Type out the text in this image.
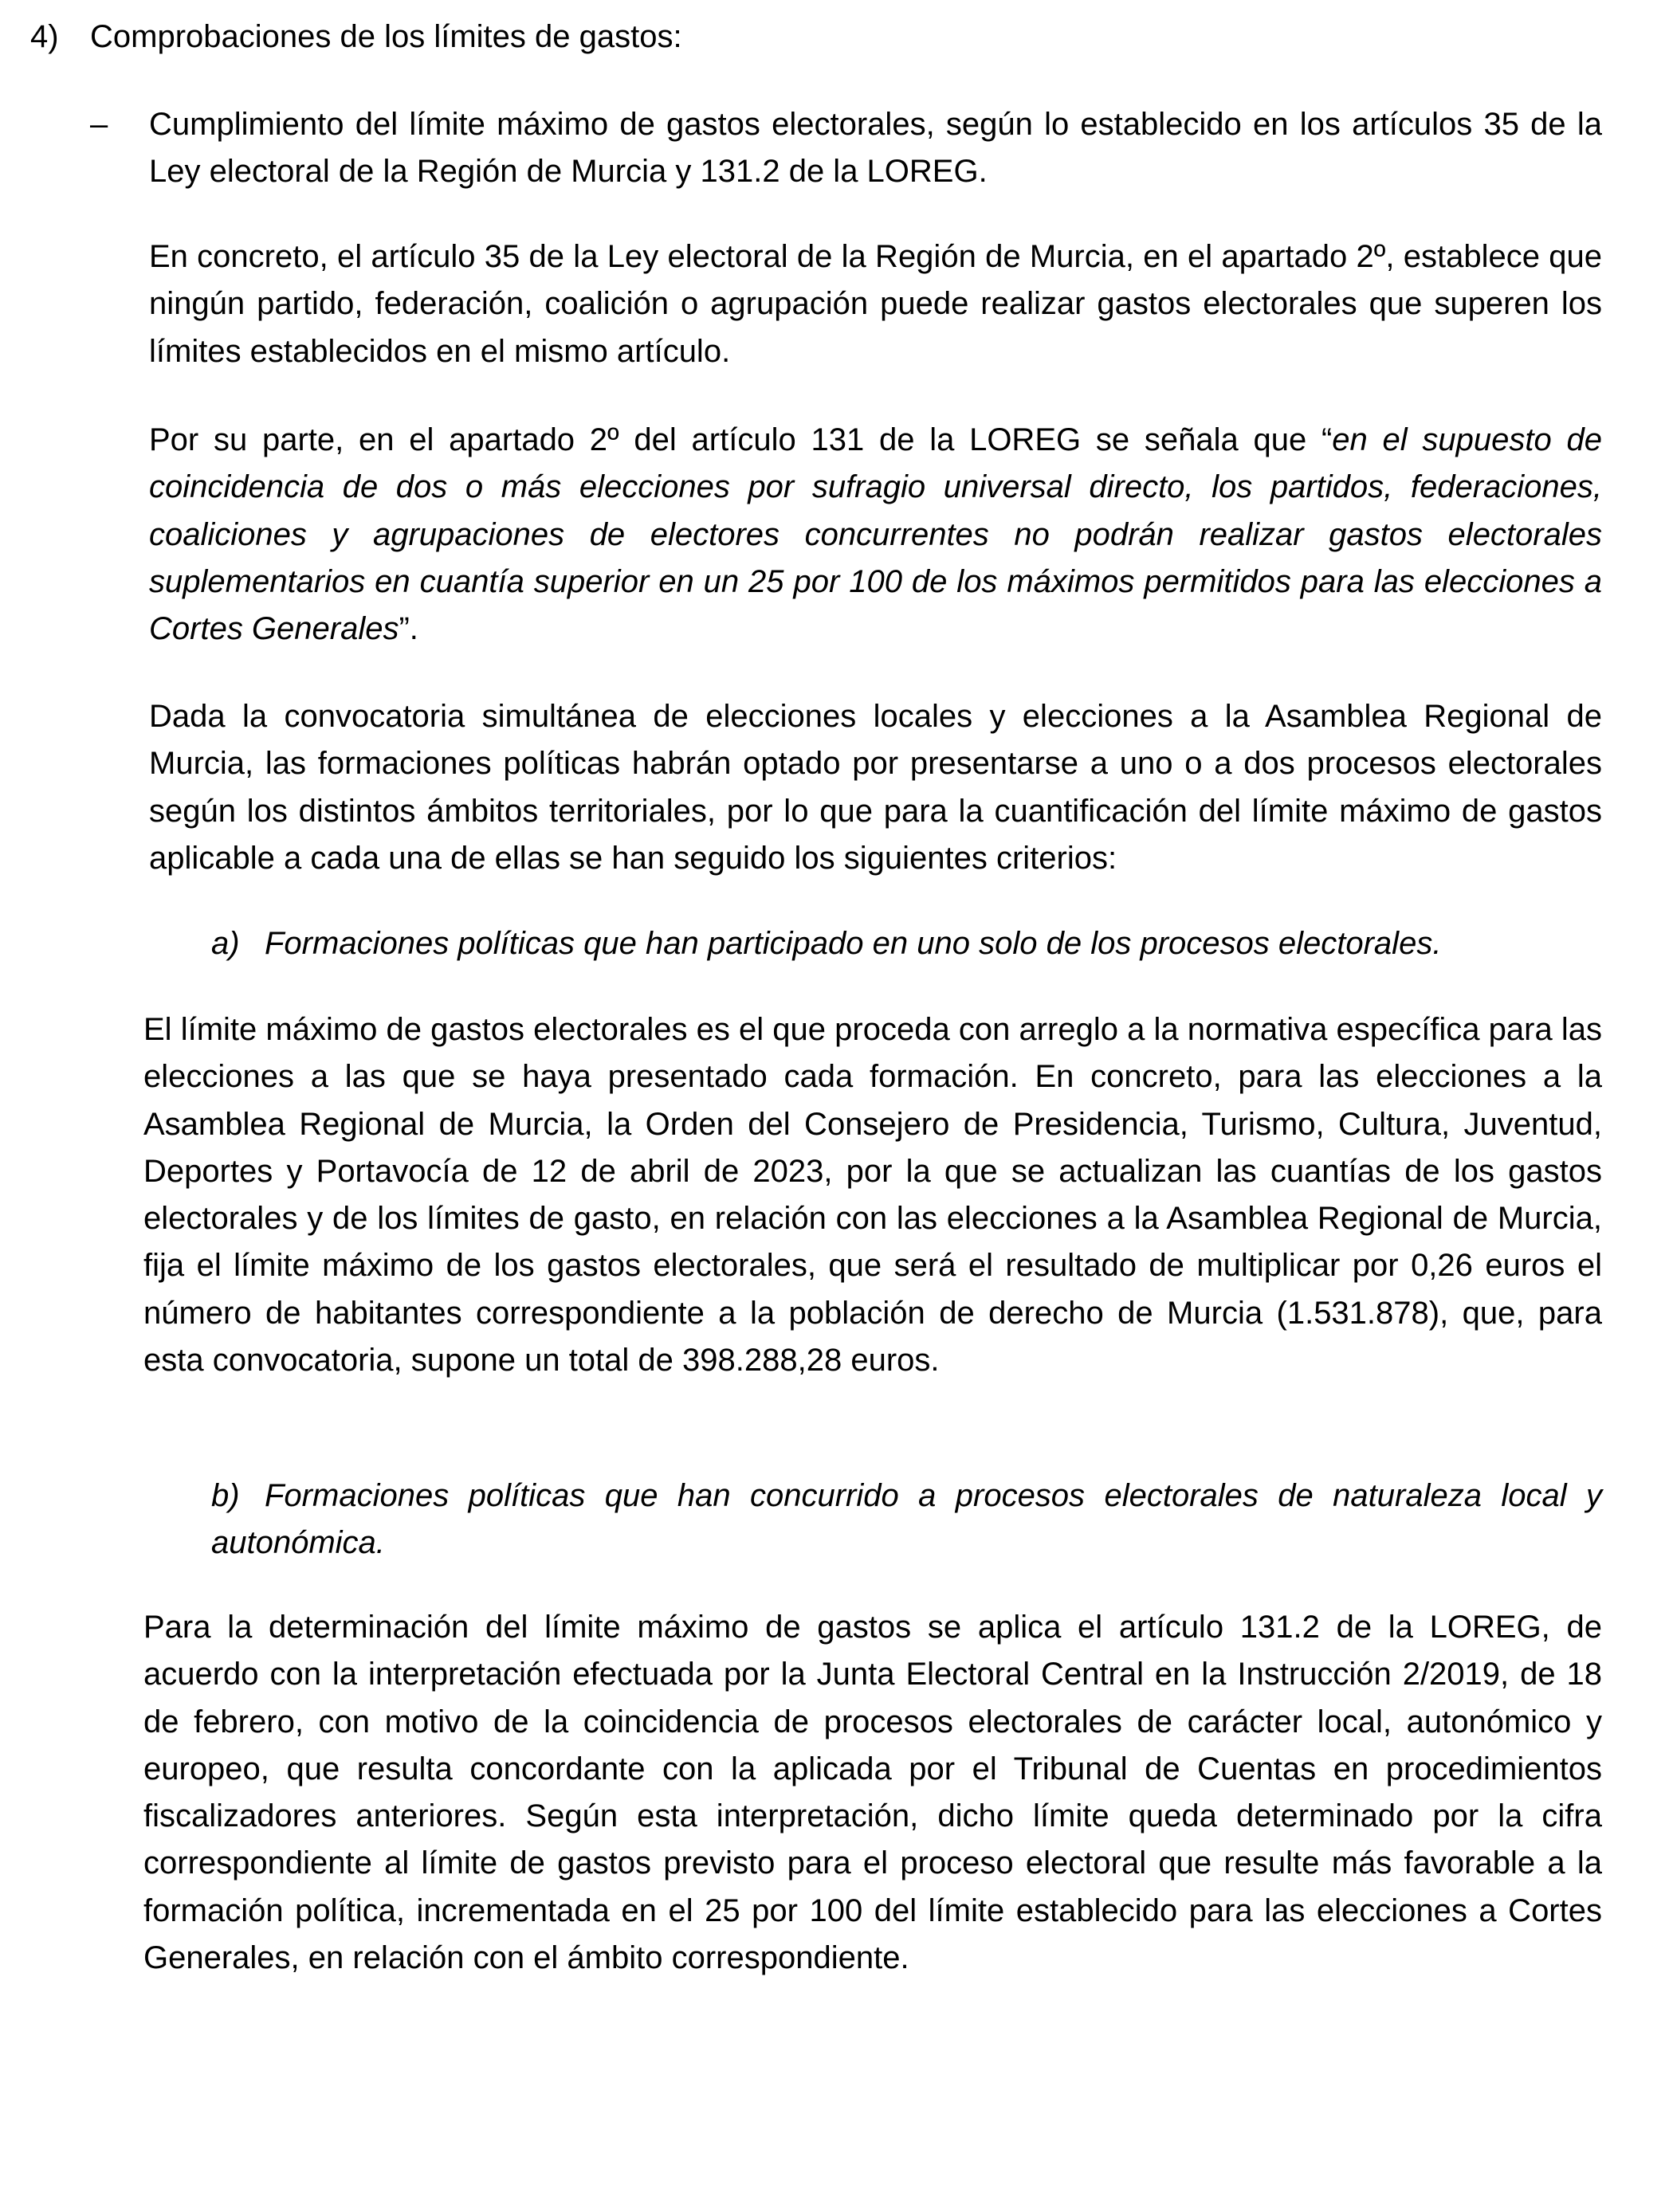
4) Comprobaciones de los límites de gastos:
– Cumplimiento del límite máximo de gastos electorales, según lo establecido en los artículos 35 de la Ley electoral de la Región de Murcia y 131.2 de la LOREG.

En concreto, el artículo 35 de la Ley electoral de la Región de Murcia, en el apartado 2º, establece que ningún partido, federación, coalición o agrupación puede realizar gastos electorales que superen los límites establecidos en el mismo artículo.

Por su parte, en el apartado 2º del artículo 131 de la LOREG se señala que “en el supuesto de coincidencia de dos o más elecciones por sufragio universal directo, los partidos, federaciones, coaliciones y agrupaciones de electores concurrentes no podrán realizar gastos electorales suplementarios en cuantía superior en un 25 por 100 de los máximos permitidos para las elecciones a Cortes Generales”.

Dada la convocatoria simultánea de elecciones locales y elecciones a la Asamblea Regional de Murcia, las formaciones políticas habrán optado por presentarse a uno o a dos procesos electorales según los distintos ámbitos territoriales, por lo que para la cuantificación del límite máximo de gastos aplicable a cada una de ellas se han seguido los siguientes criterios:

a) Formaciones políticas que han participado en uno solo de los procesos electorales.

El límite máximo de gastos electorales es el que proceda con arreglo a la normativa específica para las elecciones a las que se haya presentado cada formación. En concreto, para las elecciones a la Asamblea Regional de Murcia, la Orden del Consejero de Presidencia, Turismo, Cultura, Juventud, Deportes y Portavocía de 12 de abril de 2023, por la que se actualizan las cuantías de los gastos electorales y de los límites de gasto, en relación con las elecciones a la Asamblea Regional de Murcia, fija el límite máximo de los gastos electorales, que será el resultado de multiplicar por 0,26 euros el número de habitantes correspondiente a la población de derecho de Murcia (1.531.878), que, para esta convocatoria, supone un total de 398.288,28 euros.

b) Formaciones políticas que han concurrido a procesos electorales de naturaleza local y autonómica.

Para la determinación del límite máximo de gastos se aplica el artículo 131.2 de la LOREG, de acuerdo con la interpretación efectuada por la Junta Electoral Central en la Instrucción 2/2019, de 18 de febrero, con motivo de la coincidencia de procesos electorales de carácter local, autonómico y europeo, que resulta concordante con la aplicada por el Tribunal de Cuentas en procedimientos fiscalizadores anteriores. Según esta interpretación, dicho límite queda determinado por la cifra correspondiente al límite de gastos previsto para el proceso electoral que resulte más favorable a la formación política, incrementada en el 25 por 100 del límite establecido para las elecciones a Cortes Generales, en relación con el ámbito correspondiente.
